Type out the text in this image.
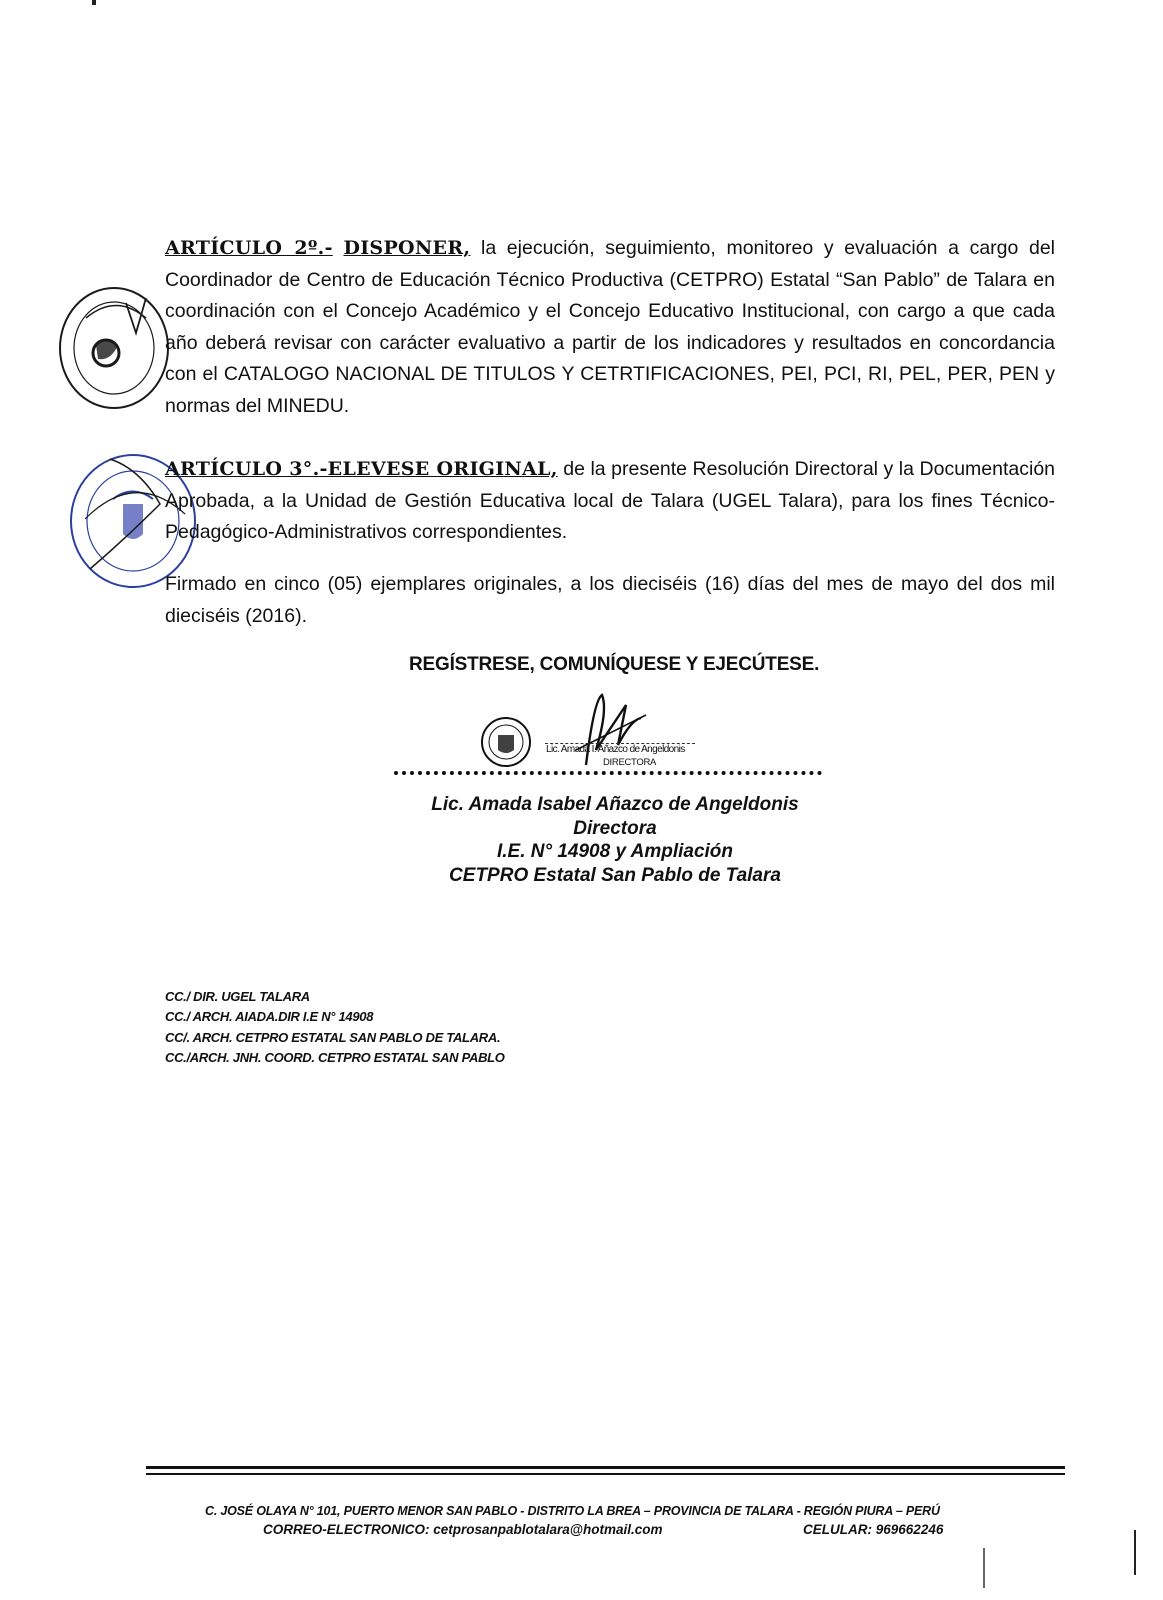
ARTÍCULO 2º.- DISPONER, la ejecución, seguimiento, monitoreo y evaluación a cargo del Coordinador de Centro de Educación Técnico Productiva (CETPRO) Estatal “San Pablo” de Talara en coordinación con el Concejo Académico y el Concejo Educativo Institucional, con cargo a que cada año deberá revisar con carácter evaluativo a partir de los indicadores y resultados en concordancia con el CATALOGO NACIONAL DE TITULOS Y CETRTIFICACIONES, PEI, PCI, RI, PEL, PER, PEN y normas del MINEDU.

ARTÍCULO 3°.-ELEVESE ORIGINAL, de la presente Resolución Directoral y la Documentación Aprobada, a la Unidad de Gestión Educativa local de Talara (UGEL Talara), para los fines Técnico-Pedagógico-Administrativos correspondientes.

Firmado en cinco (05) ejemplares originales, a los dieciséis (16) días del mes de mayo del dos mil dieciséis (2016).

REGÍSTRESE, COMUNÍQUESE Y EJECÚTESE.
Lic. Amada I. Añazco de Angeldonis
DIRECTORA
Lic. Amada Isabel Añazco de Angeldonis
Directora
I.E. N° 14908 y Ampliación
CETPRO Estatal San Pablo de Talara
CC./ DIR. UGEL TALARA
CC./ ARCH. AIADA.DIR I.E N° 14908
CC/. ARCH. CETPRO ESTATAL SAN PABLO DE TALARA.
CC./ARCH. JNH. COORD. CETPRO ESTATAL SAN PABLO
C. JOSÉ OLAYA N° 101, PUERTO MENOR SAN PABLO - DISTRITO LA BREA – PROVINCIA DE TALARA - REGIÓN PIURA – PERÚ
CORREO-ELECTRONICO: cetprosanpablotalara@hotmail.com	CELULAR: 969662246
